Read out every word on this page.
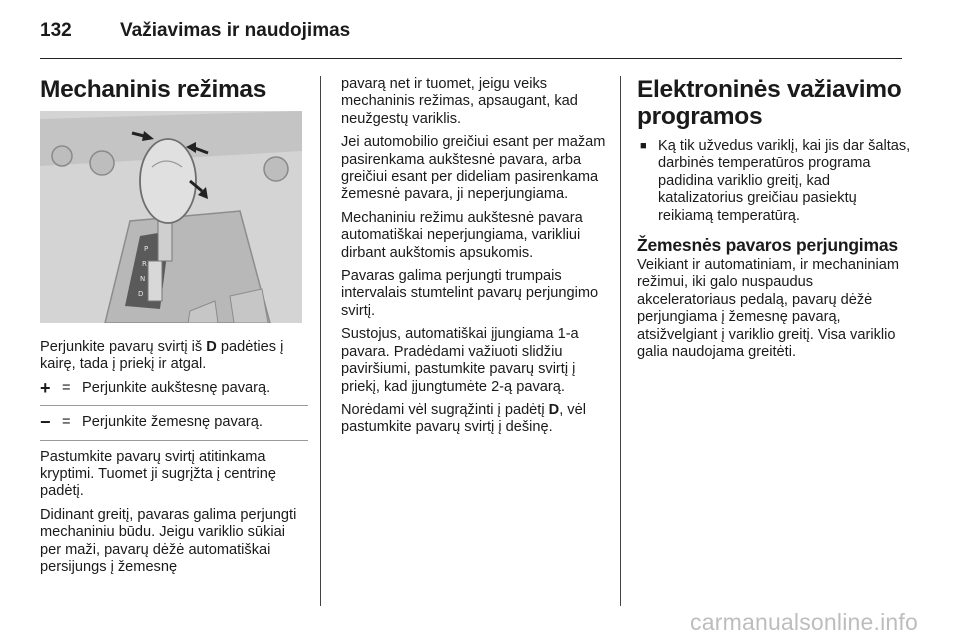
132	Važiavimas ir naudojimas
Mechaninis režimas
P
R
N
D

Perjunkite pavarų svirtį iš D padėties į kairę, tada į priekį ir atgal.

+ = Perjunkite aukštesnę pavarą.
− = Perjunkite žemesnę pavarą.

Pastumkite pavarų svirtį atitinkama kryptimi. Tuomet ji sugrįžta į centrinę padėtį.

Didinant greitį, pavaras galima perjungti mechaniniu būdu. Jeigu variklio sūkiai per maži, pavarų dėžė automatiškai persijungs į žemesnę

pavarą net ir tuomet, jeigu veiks mechaninis režimas, apsaugant, kad neužgestų variklis.

Jei automobilio greičiui esant per mažam pasirenkama aukštesnė pavara, arba greičiui esant per dideliam pasirenkama žemesnė pavara, ji neperjungiama.

Mechaniniu režimu aukštesnė pavara automatiškai neperjungiama, varikliui dirbant aukštomis apsukomis.

Pavaras galima perjungti trumpais intervalais stumtelint pavarų perjungimo svirtį.

Sustojus, automatiškai įjungiama 1-a pavara. Pradėdami važiuoti slidžiu paviršiumi, pastumkite pavarų svirtį į priekį, kad įjungtumėte 2-ą pavarą.

Norėdami vėl sugrąžinti į padėtį D, vėl pastumkite pavarų svirtį į dešinę.

Elektroninės važiavimo programos
■ Ką tik užvedus variklį, kai jis dar šaltas, darbinės temperatūros programa padidina variklio greitį, kad katalizatorius greičiau pasiektų reikiamą temperatūrą.
Žemesnės pavaros perjungimas

Veikiant ir automatiniam, ir mechaniniam režimui, iki galo nuspaudus akceleratoriaus pedalą, pavarų dėžė perjungiama į žemesnę pavarą, atsižvelgiant į variklio greitį. Visa variklio galia naudojama greitėti.

carmanualsonline.info
